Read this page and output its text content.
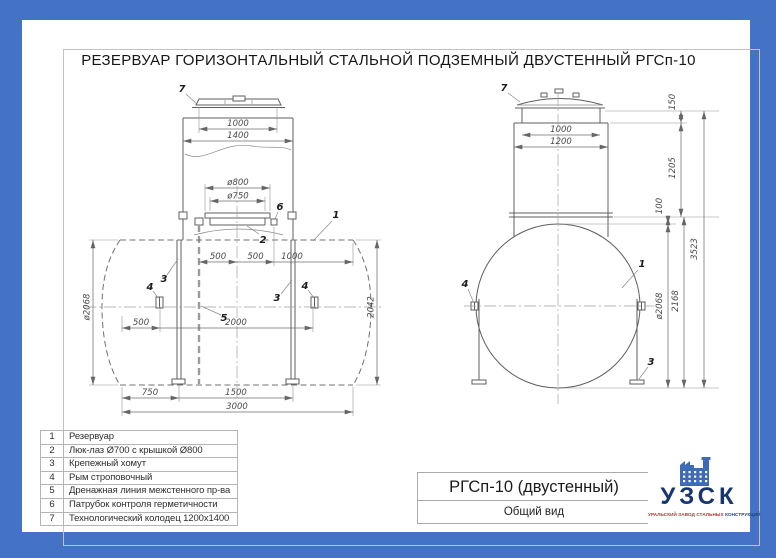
РЕЗЕРВУАР ГОРИЗОНТАЛЬНЫЙ СТАЛЬНОЙ ПОДЗЕМНЫЙ ДВУСТЕННЫЙ РГСп-10
1000
1400
ø800
ø750
500	500 1000
500	2000
750	1500
3000
ø2068	2042
7
1
2
6
3
4
5
3
4
1000
1200
150
1205
100
ø2068 2168
3523
7
1
4
3
1	Резервуар
2	Люк-лаз Ø700 с крышкой Ø800
3	Крепежный хомут
4	Рым строповочный
5	Дренажная линия межстенного пр-ва
6	Патрубок контроля герметичности
7	Технологический колодец 1200x1400
РГСп-10 (двустенный)
Общий вид
УЗСК
УРАЛЬСКИЙ ЗАВОД СТАЛЬНЫХ КОНСТРУКЦИЙ
